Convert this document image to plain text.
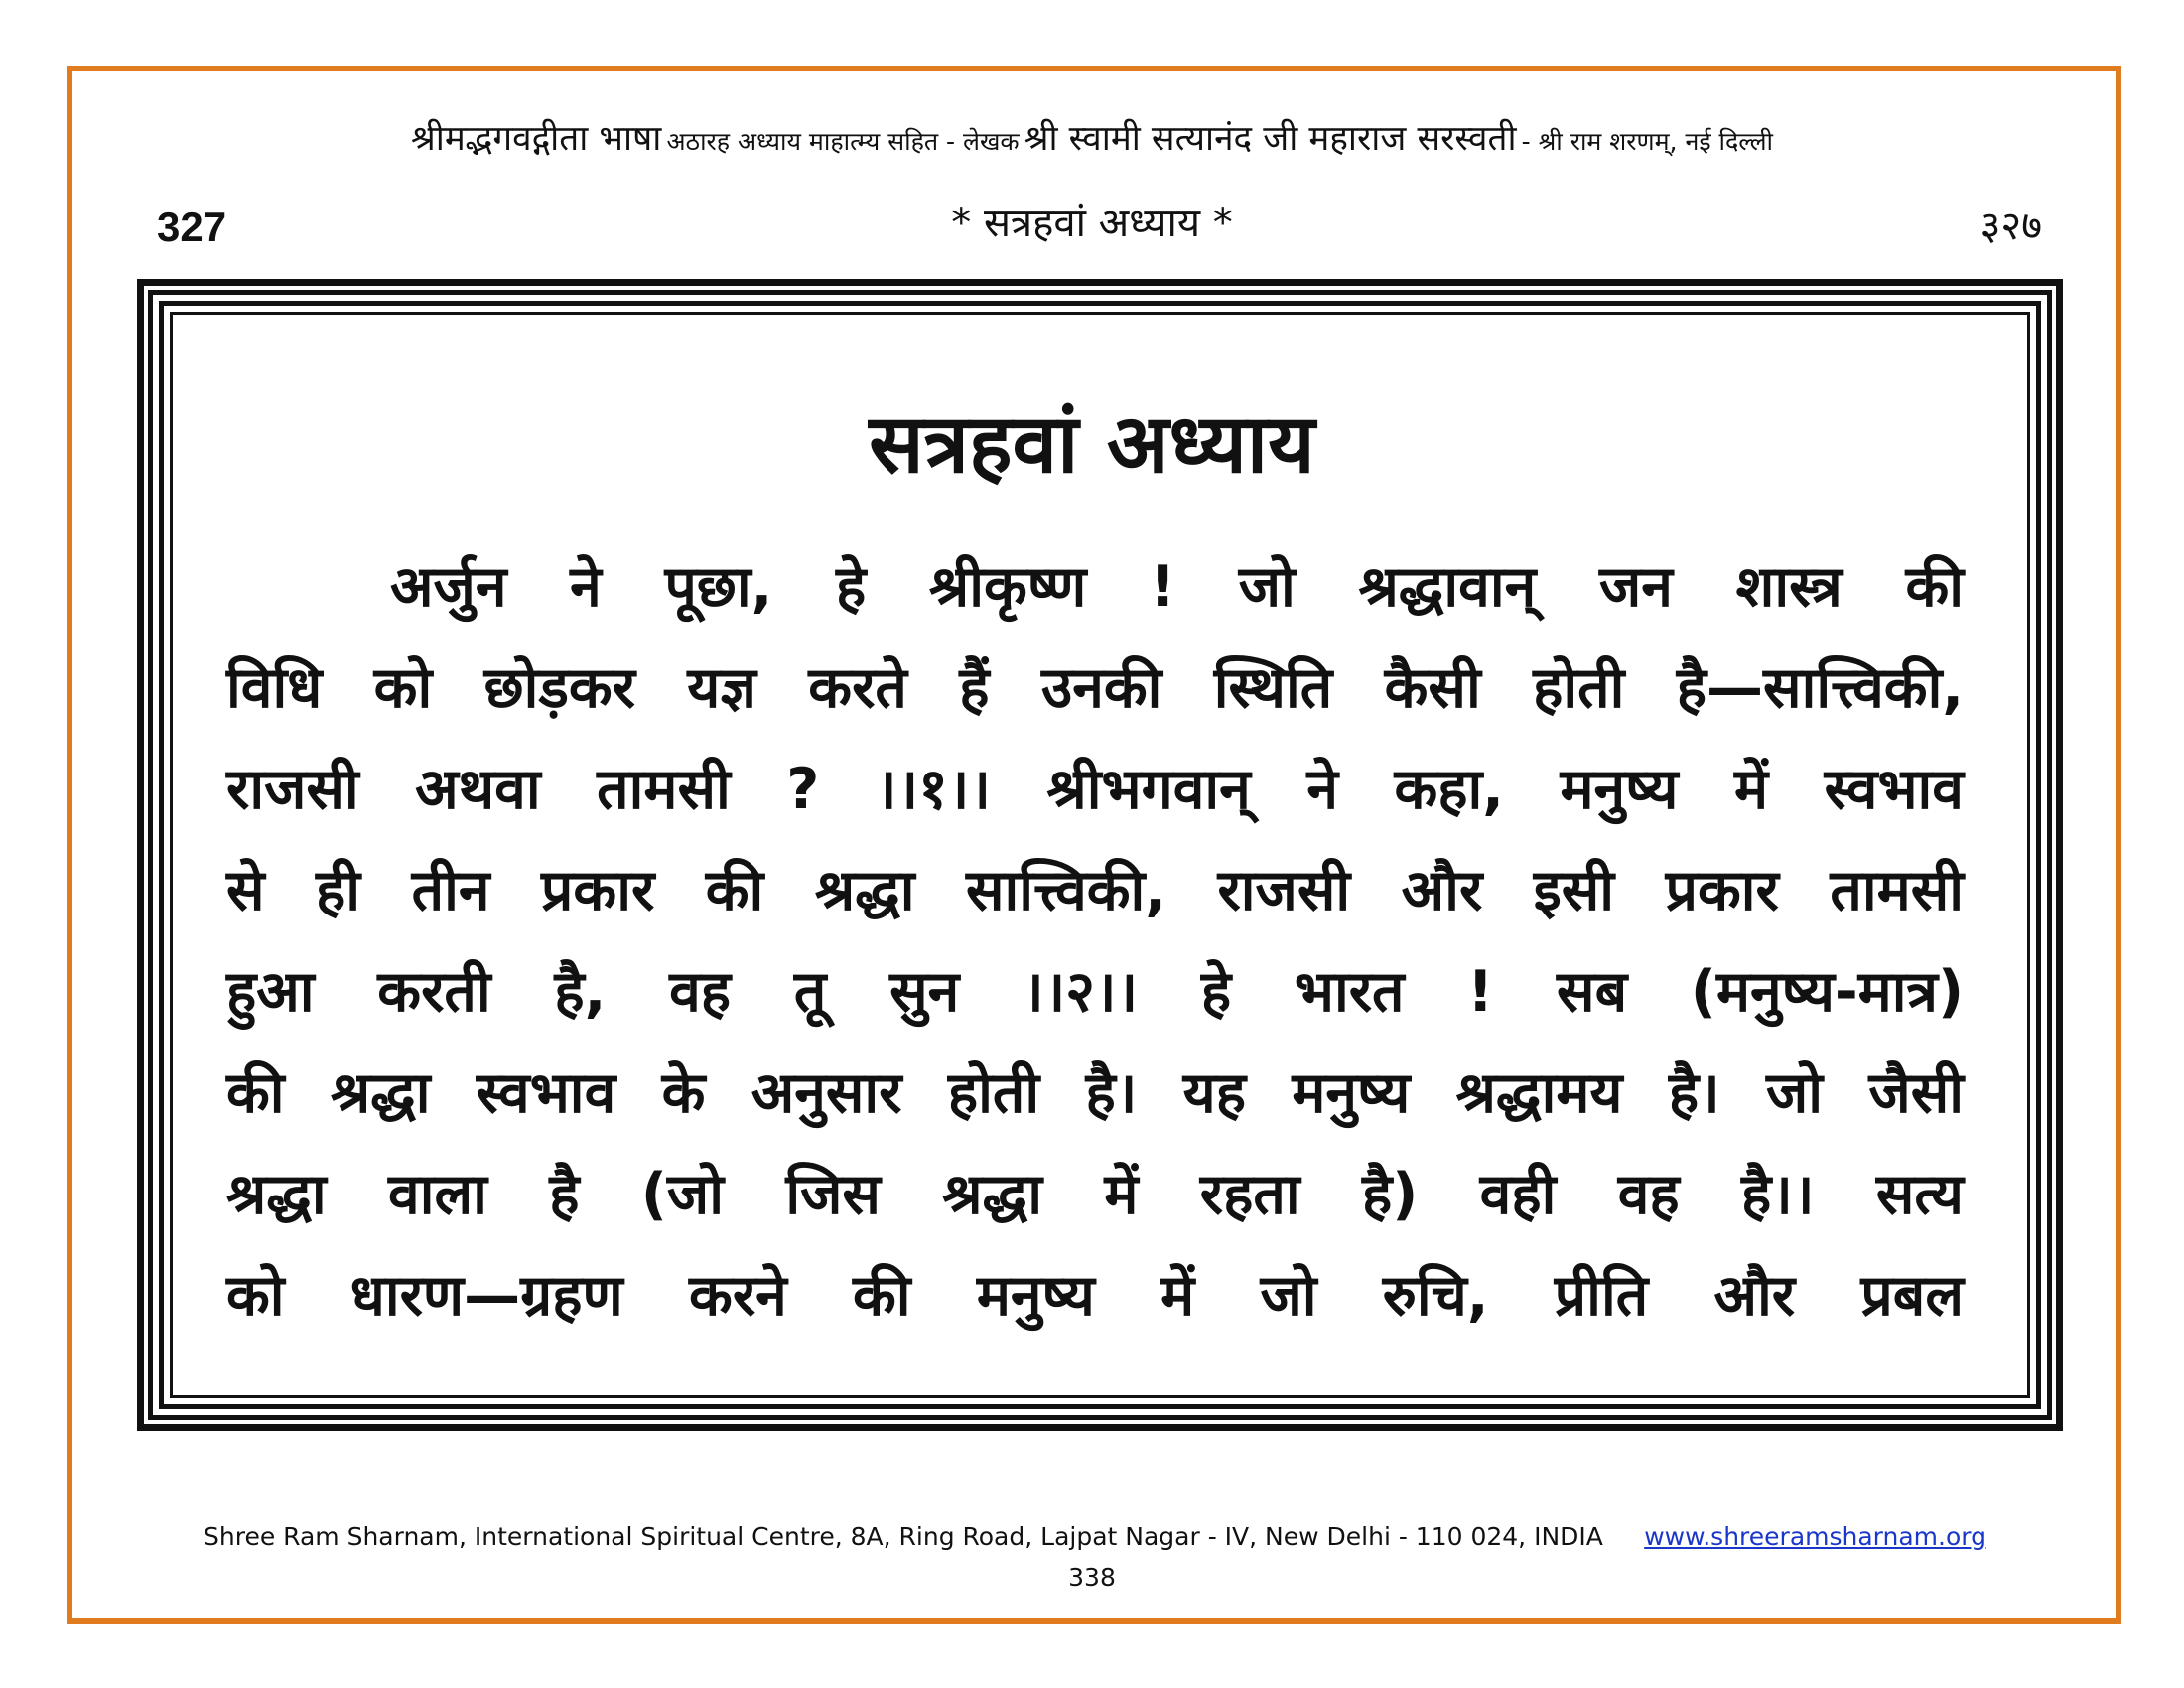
श्रीमद्भगवद्गीता भाषा अठारह अध्याय माहात्म्य सहित - लेखक श्री स्वामी सत्यानंद जी महाराज सरस्वती - श्री राम शरणम्, नई दिल्ली
327	* सत्रहवां अध्याय *	३२७
सत्रहवां अध्याय
अर्जुन ने पूछा, हे श्रीकृष्ण ! जो श्रद्धावान् जन शास्त्र की
विधि को छोड़कर यज्ञ करते हैं उनकी स्थिति कैसी होती है—सात्त्विकी,
राजसी अथवा तामसी ? ।।१।। श्रीभगवान् ने कहा, मनुष्य में स्वभाव
से ही तीन प्रकार की श्रद्धा सात्त्विकी, राजसी और इसी प्रकार तामसी
हुआ करती है, वह तू सुन ।।२।। हे भारत ! सब (मनुष्य-मात्र)
की श्रद्धा स्वभाव के अनुसार होती है। यह मनुष्य श्रद्धामय है। जो जैसी
श्रद्धा वाला है (जो जिस श्रद्धा में रहता है) वही वह है।। सत्य
को धारण—ग्रहण करने की मनुष्य में जो रुचि, प्रीति और प्रबल
Shree Ram Sharnam, International Spiritual Centre, 8A, Ring Road, Lajpat Nagar - IV, New Delhi - 110 024, INDIA www.shreeramsharnam.org
338
